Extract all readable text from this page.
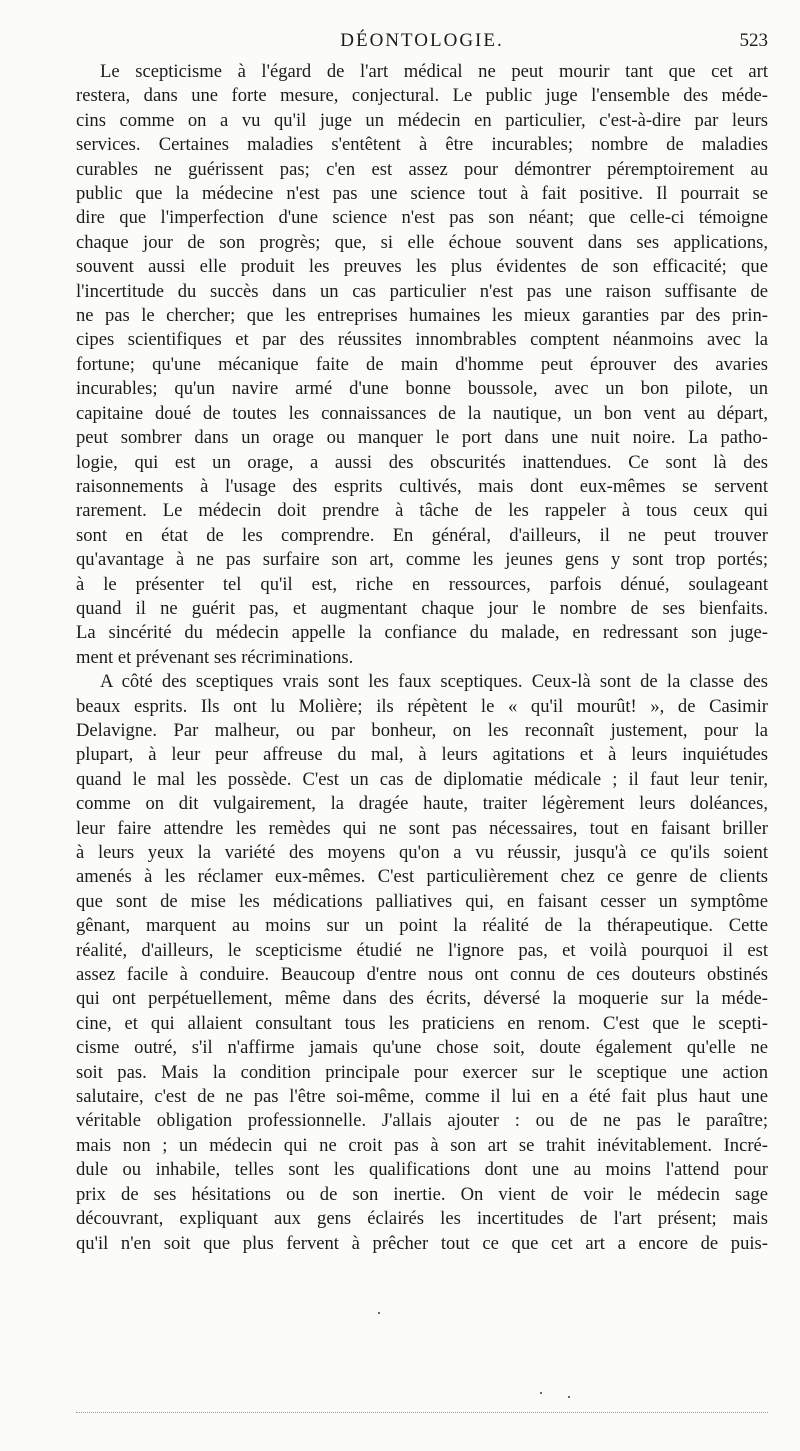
DÉONTOLOGIE.	523
Le scepticisme à l'égard de l'art médical ne peut mourir tant que cet art
restera, dans une forte mesure, conjectural. Le public juge l'ensemble des méde-
cins comme on a vu qu'il juge un médecin en particulier, c'est-à-dire par leurs
services. Certaines maladies s'entêtent à être incurables; nombre de maladies
curables ne guérissent pas; c'en est assez pour démontrer péremptoirement au
public que la médecine n'est pas une science tout à fait positive. Il pourrait se
dire que l'imperfection d'une science n'est pas son néant; que celle-ci témoigne
chaque jour de son progrès; que, si elle échoue souvent dans ses applications,
souvent aussi elle produit les preuves les plus évidentes de son efficacité; que
l'incertitude du succès dans un cas particulier n'est pas une raison suffisante de
ne pas le chercher; que les entreprises humaines les mieux garanties par des prin-
cipes scientifiques et par des réussites innombrables comptent néanmoins avec la
fortune; qu'une mécanique faite de main d'homme peut éprouver des avaries
incurables; qu'un navire armé d'une bonne boussole, avec un bon pilote, un
capitaine doué de toutes les connaissances de la nautique, un bon vent au départ,
peut sombrer dans un orage ou manquer le port dans une nuit noire. La patho-
logie, qui est un orage, a aussi des obscurités inattendues. Ce sont là des
raisonnements à l'usage des esprits cultivés, mais dont eux-mêmes se servent
rarement. Le médecin doit prendre à tâche de les rappeler à tous ceux qui
sont en état de les comprendre. En général, d'ailleurs, il ne peut trouver
qu'avantage à ne pas surfaire son art, comme les jeunes gens y sont trop portés;
à le présenter tel qu'il est, riche en ressources, parfois dénué, soulageant
quand il ne guérit pas, et augmentant chaque jour le nombre de ses bienfaits.
La sincérité du médecin appelle la confiance du malade, en redressant son juge-
ment et prévenant ses récriminations.
A côté des sceptiques vrais sont les faux sceptiques. Ceux-là sont de la classe des
beaux esprits. Ils ont lu Molière; ils répètent le « qu'il mourût! », de Casimir
Delavigne. Par malheur, ou par bonheur, on les reconnaît justement, pour la
plupart, à leur peur affreuse du mal, à leurs agitations et à leurs inquiétudes
quand le mal les possède. C'est un cas de diplomatie médicale ; il faut leur tenir,
comme on dit vulgairement, la dragée haute, traiter légèrement leurs doléances,
leur faire attendre les remèdes qui ne sont pas nécessaires, tout en faisant briller
à leurs yeux la variété des moyens qu'on a vu réussir, jusqu'à ce qu'ils soient
amenés à les réclamer eux-mêmes. C'est particulièrement chez ce genre de clients
que sont de mise les médications palliatives qui, en faisant cesser un symptôme
gênant, marquent au moins sur un point la réalité de la thérapeutique. Cette
réalité, d'ailleurs, le scepticisme étudié ne l'ignore pas, et voilà pourquoi il est
assez facile à conduire. Beaucoup d'entre nous ont connu de ces douteurs obstinés
qui ont perpétuellement, même dans des écrits, déversé la moquerie sur la méde-
cine, et qui allaient consultant tous les praticiens en renom. C'est que le scepti-
cisme outré, s'il n'affirme jamais qu'une chose soit, doute également qu'elle ne
soit pas. Mais la condition principale pour exercer sur le sceptique une action
salutaire, c'est de ne pas l'être soi-même, comme il lui en a été fait plus haut une
véritable obligation professionnelle. J'allais ajouter : ou de ne pas le paraître;
mais non ; un médecin qui ne croit pas à son art se trahit inévitablement. Incré-
dule ou inhabile, telles sont les qualifications dont une au moins l'attend pour
prix de ses hésitations ou de son inertie. On vient de voir le médecin sage
découvrant, expliquant aux gens éclairés les incertitudes de l'art présent; mais
qu'il n'en soit que plus fervent à prêcher tout ce que cet art a encore de puis-
